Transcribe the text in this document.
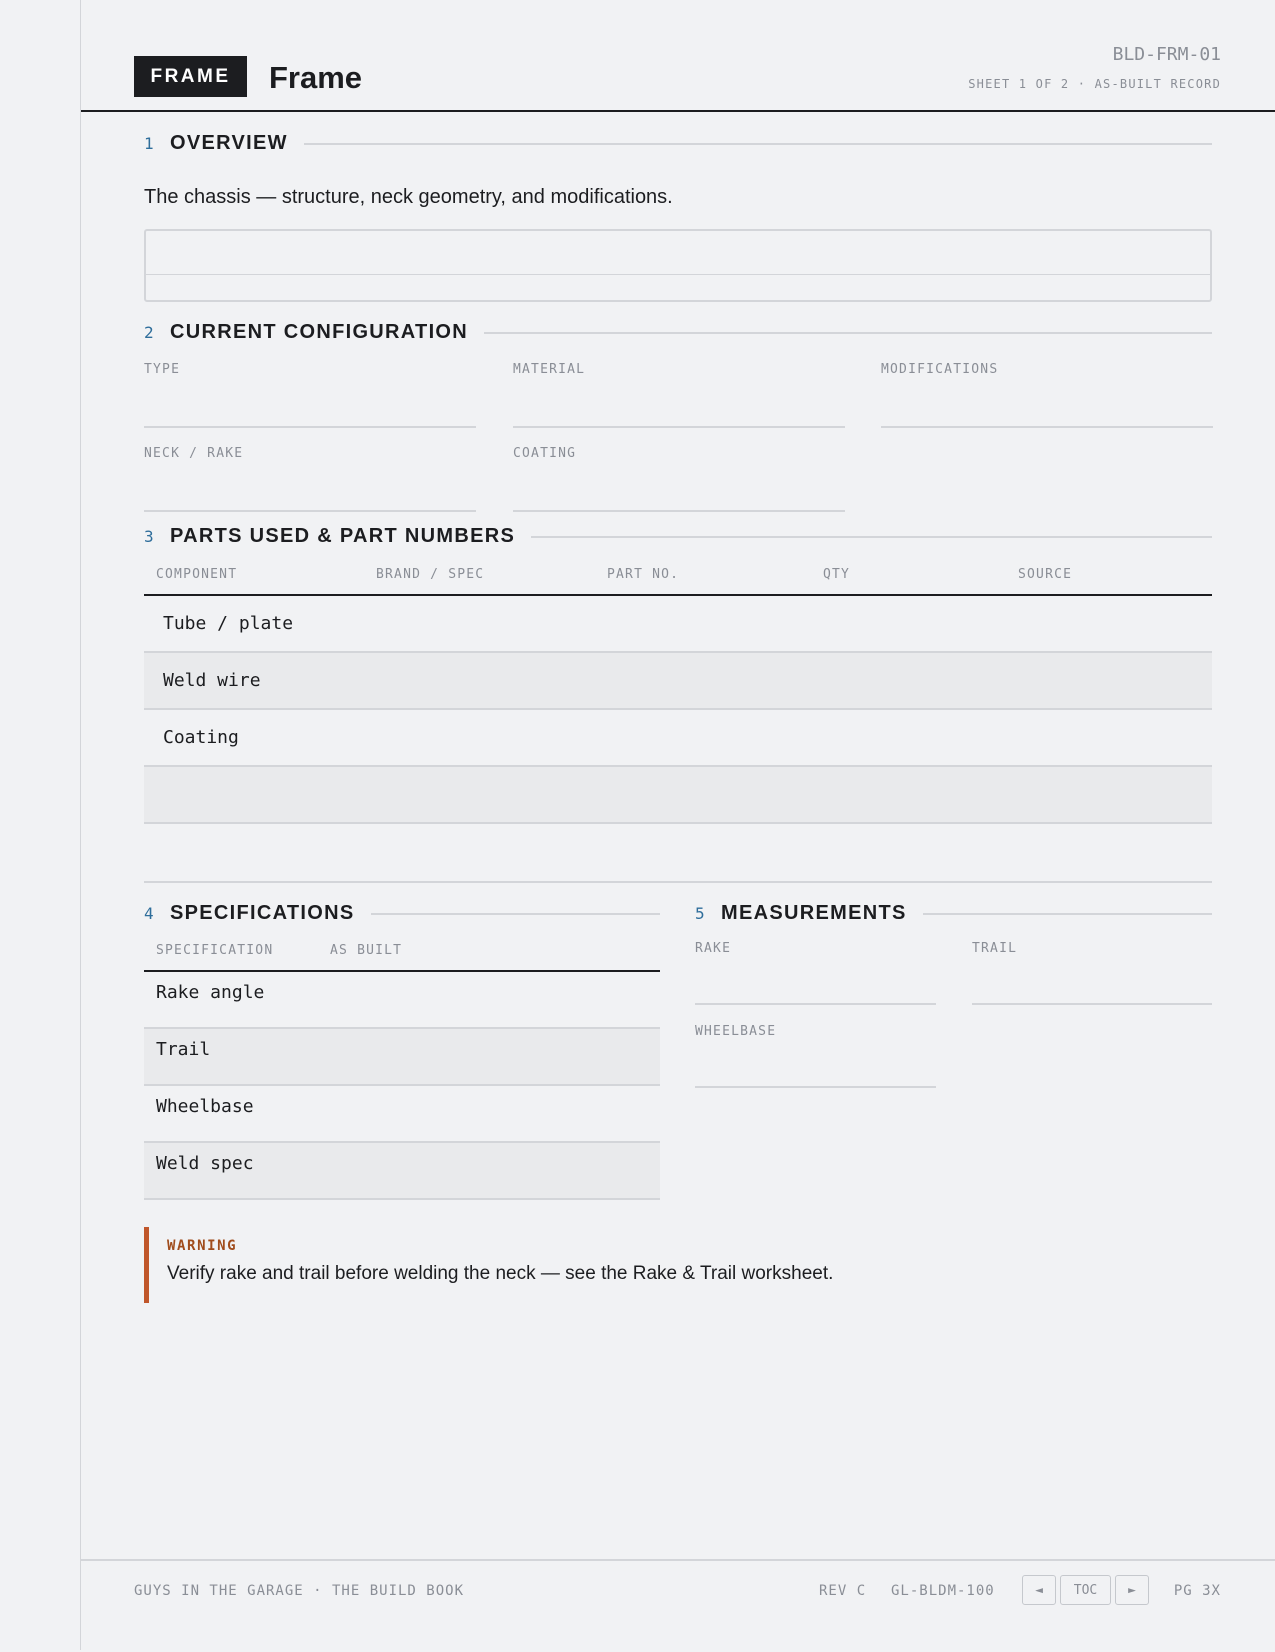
FRAME	Frame
BLD-FRM-01
SHEET 1 OF 2 · AS-BUILT RECORD
1 OVERVIEW
The chassis — structure, neck geometry, and modifications.
2 CURRENT CONFIGURATION
TYPE	MATERIAL	MODIFICATIONS
NECK / RAKE	COATING
3 PARTS USED & PART NUMBERS
COMPONENT	BRAND / SPEC	PART NO.	QTY	SOURCE
Tube / plate
Weld wire
Coating
4 SPECIFICATIONS
SPECIFICATION	AS BUILT
Rake angle
Trail
Wheelbase
Weld spec
5 MEASUREMENTS
RAKE	TRAIL
WHEELBASE
WARNING
Verify rake and trail before welding the neck — see the Rake & Trail worksheet.
GUYS IN THE GARAGE · THE BUILD BOOK	REV C GL-BLDM-100	◄	TOC	►	PG 3X
